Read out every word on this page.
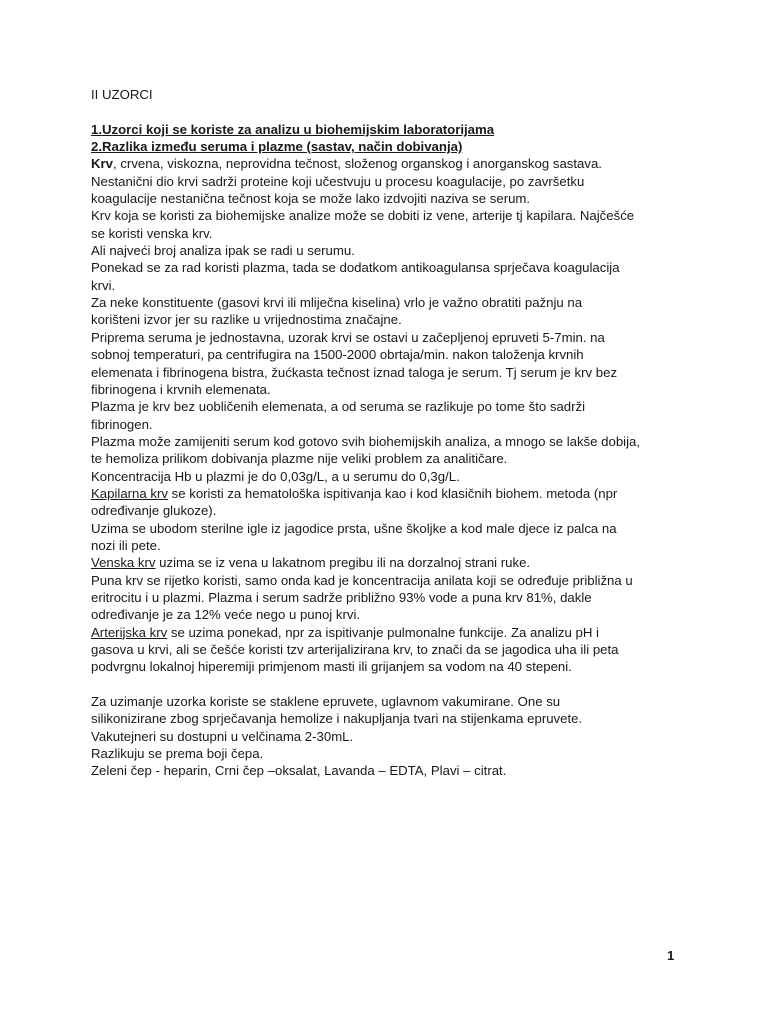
II UZORCI
1.Uzorci koji se koriste za analizu u biohemijskim laboratorijama
2.Razlika između seruma i plazme (sastav, način dobivanja)
Krv, crvena, viskozna, neprovidna tečnost, složenog organskog i anorganskog sastava.
Nestanični dio krvi sadrži proteine koji učestvuju u procesu koagulacije, po završetku
koagulacije nestanična tečnost koja se može lako izdvojiti naziva se serum.
Krv koja se koristi za biohemijske analize može se dobiti iz vene, arterije tj kapilara. Najčešće
se koristi venska krv.
Ali najveći broj analiza ipak se radi u serumu.
Ponekad se za rad koristi plazma, tada se dodatkom antikoagulansa sprječava koagulacija
krvi.
Za neke konstituente (gasovi krvi ili mliječna kiselina) vrlo je važno obratiti pažnju na
korišteni izvor jer su razlike u vrijednostima značajne.
Priprema seruma je jednostavna, uzorak krvi se ostavi u začepljenoj epruveti 5-7min. na
sobnoj temperaturi, pa centrifugira na 1500-2000 obrtaja/min. nakon taloženja krvnih
elemenata i fibrinogena bistra, žućkasta tečnost iznad taloga je serum. Tj serum je krv bez
fibrinogena i krvnih elemenata.
Plazma je krv bez uobličenih elemenata, a od seruma se razlikuje po tome što sadrži
fibrinogen.
Plazma može zamijeniti serum kod gotovo svih biohemijskih analiza, a mnogo se lakše dobija,
te hemoliza prilikom dobivanja plazme nije veliki problem za analitičare.
Koncentracija Hb u plazmi je do 0,03g/L, a u serumu do 0,3g/L.
Kapilarna krv se koristi za hematološka ispitivanja kao i kod klasičnih biohem. metoda (npr
određivanje glukoze).
Uzima se ubodom sterilne igle iz jagodice prsta, ušne školjke a kod male djece iz palca na
nozi ili pete.
Venska krv uzima se iz vena u lakatnom pregibu ili na dorzalnoj strani ruke.
Puna krv se rijetko koristi, samo onda kad je koncentracija anilata koji se određuje približna u
eritrocitu i u plazmi. Plazma i serum sadrže približno 93% vode a puna krv 81%, dakle
određivanje je za 12% veće nego u punoj krvi.
Arterijska krv se uzima ponekad, npr za ispitivanje pulmonalne funkcije. Za analizu pH i
gasova u krvi, ali se češće koristi tzv arterijalizirana krv, to znači da se jagodica uha ili peta
podvrgnu lokalnoj hiperemiji primjenom masti ili grijanjem sa vodom na 40 stepeni.
Za uzimanje uzorka koriste se staklene epruvete, uglavnom vakumirane. One su
silikonizirane zbog sprječavanja hemolize i nakupljanja tvari na stijenkama epruvete.
Vakutejneri su dostupni u velčinama 2-30mL.
Razlikuju se prema boji čepa.
Zeleni čep - heparin, Crni čep –oksalat, Lavanda – EDTA, Plavi – citrat.
1
